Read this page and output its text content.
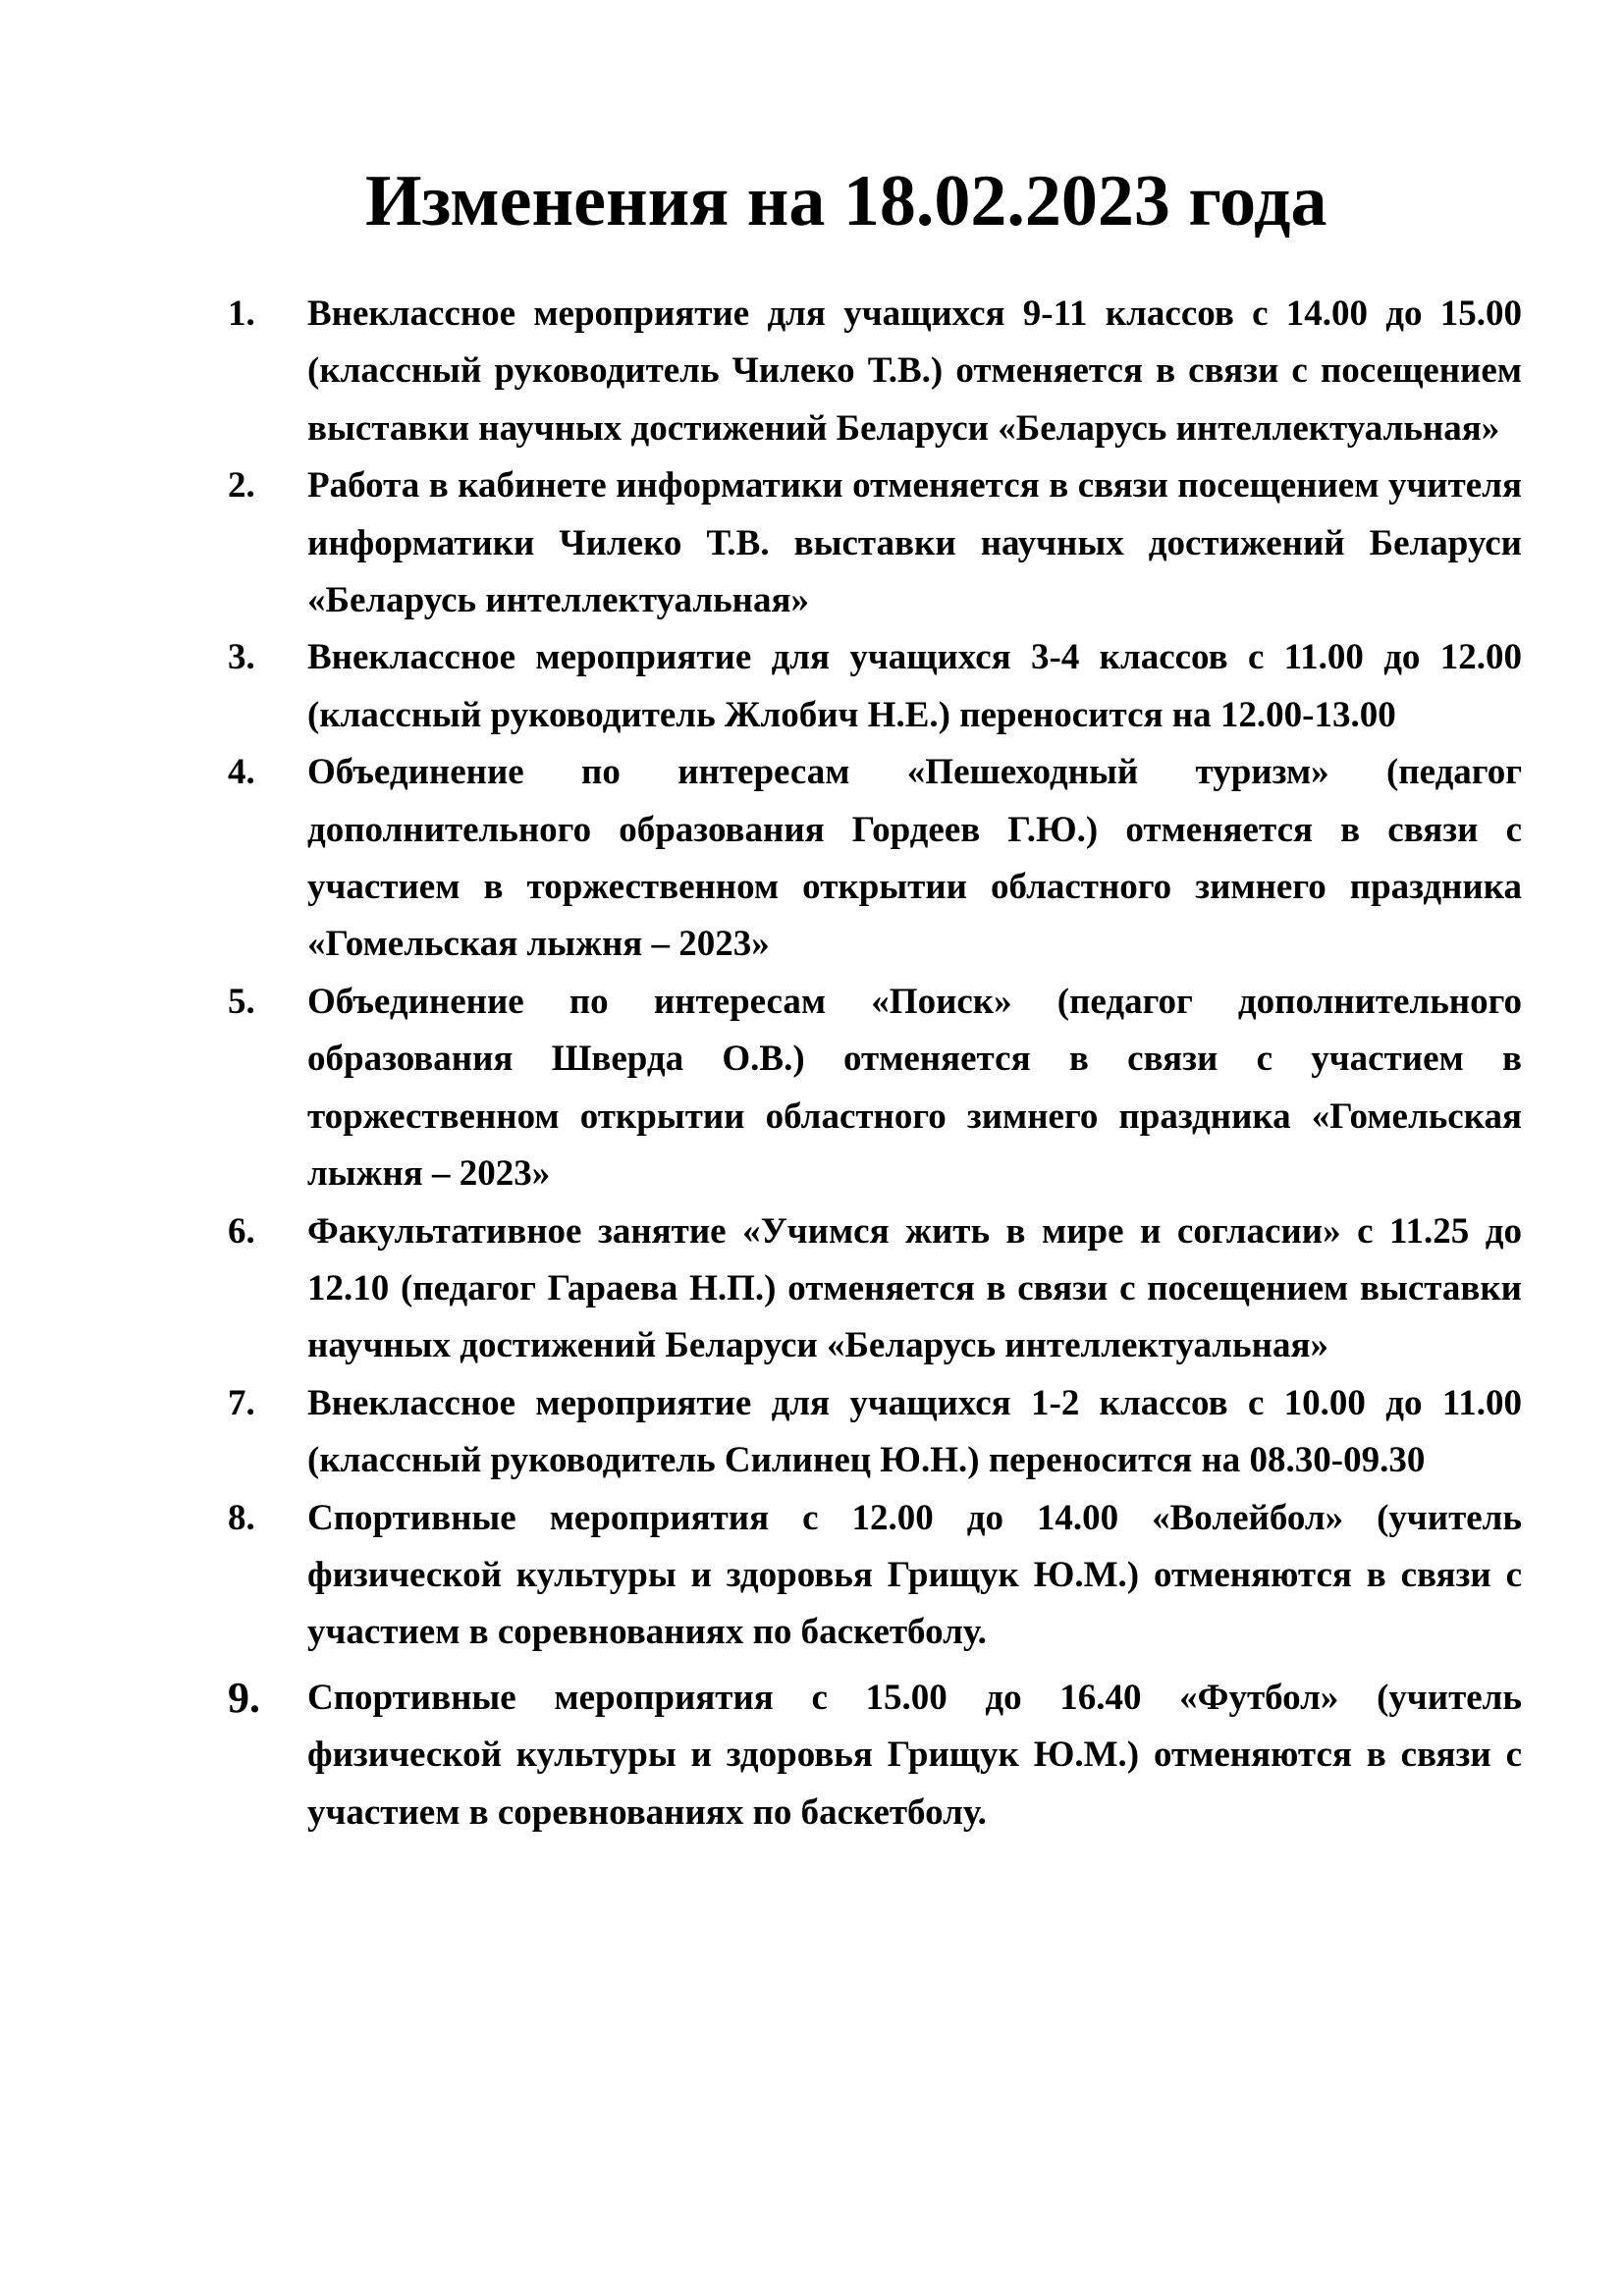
Изменения на 18.02.2023 года
1. Внеклассное мероприятие для учащихся 9-11 классов с 14.00 до 15.00 (классный руководитель Чилеко Т.В.) отменяется в связи с посещением выставки научных достижений Беларуси «Беларусь интеллектуальная»
2. Работа в кабинете информатики отменяется в связи посещением учителя информатики Чилеко Т.В. выставки научных достижений Беларуси «Беларусь интеллектуальная»
3. Внеклассное мероприятие для учащихся 3-4 классов с 11.00 до 12.00 (классный руководитель Жлобич Н.Е.) переносится на 12.00-13.00
4. Объединение по интересам «Пешеходный туризм» (педагог дополнительного образования Гордеев Г.Ю.) отменяется в связи с участием в торжественном открытии областного зимнего праздника «Гомельская лыжня – 2023»
5. Объединение по интересам «Поиск» (педагог дополнительного образования Шверда О.В.) отменяется в связи с участием в торжественном открытии областного зимнего праздника «Гомельская лыжня – 2023»
6. Факультативное занятие «Учимся жить в мире и согласии» с 11.25 до 12.10 (педагог Гараева Н.П.) отменяется в связи с посещением выставки научных достижений Беларуси «Беларусь интеллектуальная»
7. Внеклассное мероприятие для учащихся 1-2 классов с 10.00 до 11.00 (классный руководитель Силинец Ю.Н.) переносится на 08.30-09.30
8. Спортивные мероприятия с 12.00 до 14.00 «Волейбол» (учитель физической культуры и здоровья Грищук Ю.М.) отменяются в связи с участием в соревнованиях по баскетболу.
9. Спортивные мероприятия с 15.00 до 16.40 «Футбол» (учитель физической культуры и здоровья Грищук Ю.М.) отменяются в связи с участием в соревнованиях по баскетболу.
